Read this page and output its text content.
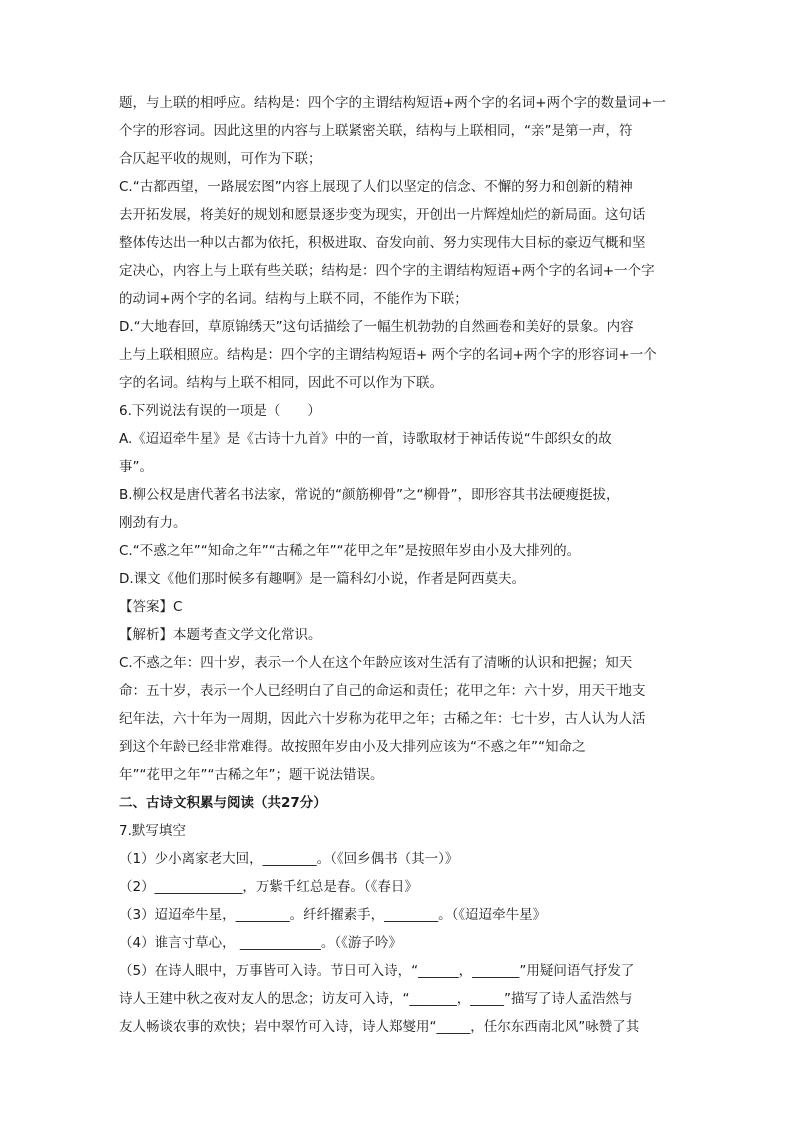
题，与上联的相呼应。结构是：四个字的主谓结构短语+两个字的名词+两个字的数量词+一
个字的形容词。因此这里的内容与上联紧密关联，结构与上联相同，“亲”是第一声，符
合仄起平收的规则，可作为下联；
C.“古都西望，一路展宏图”内容上展现了人们以坚定的信念、不懈的努力和创新的精神
去开拓发展，将美好的规划和愿景逐步变为现实，开创出一片辉煌灿烂的新局面。这句话
整体传达出一种以古都为依托，积极进取、奋发向前、努力实现伟大目标的豪迈气概和坚
定决心，内容上与上联有些关联；结构是：四个字的主谓结构短语+两个字的名词+一个字
的动词+两个字的名词。结构与上联不同，不能作为下联；
D.“大地春回，草原锦绣天”这句话描绘了一幅生机勃勃的自然画卷和美好的景象。内容
上与上联相照应。结构是：四个字的主谓结构短语+ 两个字的名词+两个字的形容词+一个
字的名词。结构与上联不相同，因此不可以作为下联。
6.下列说法有误的一项是（　　）
A.《迢迢牵牛星》是《古诗十九首》中的一首，诗歌取材于神话传说“牛郎织女的故
事”。
B.柳公权是唐代著名书法家，常说的“颜筋柳骨”之“柳骨”，即形容其书法硬瘦挺拔，
刚劲有力。
C.“不惑之年”“知命之年”“古稀之年”“花甲之年”是按照年岁由小及大排列的。
D.课文《他们那时候多有趣啊》是一篇科幻小说，作者是阿西莫夫。
【答案】C
【解析】本题考查文学文化常识。
C.不惑之年：四十岁，表示一个人在这个年龄应该对生活有了清晰的认识和把握；知天
命：五十岁，表示一个人已经明白了自己的命运和责任；花甲之年：六十岁，用天干地支
纪年法，六十年为一周期，因此六十岁称为花甲之年；古稀之年：七十岁，古人认为人活
到这个年龄已经非常难得。故按照年岁由小及大排列应该为“不惑之年”“知命之
年”“花甲之年”“古稀之年”；题干说法错误。
二、古诗文积累与阅读（共27分）
7.默写填空
（1）少小离家老大回，________。（《回乡偶书（其一）》
（2）_____________，万紫千红总是春。（《春日》
（3）迢迢牵牛星，________。纤纤擢素手，________。（《迢迢牵牛星》
（4）谁言寸草心， ____________。（《游子吟》
（5）在诗人眼中，万事皆可入诗。节日可入诗，“______，_______”用疑问语气抒发了
诗人王建中秋之夜对友人的思念；访友可入诗，“_______，_____”描写了诗人孟浩然与
友人畅谈农事的欢快；岩中翠竹可入诗，诗人郑燮用“_____，任尔东西南北风”咏赞了其
